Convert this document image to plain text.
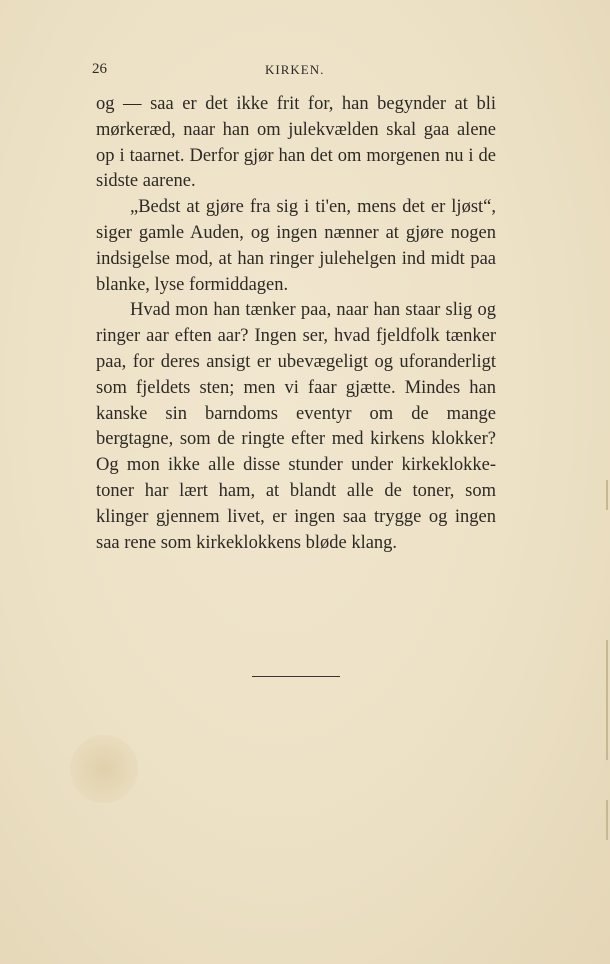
26	KIRKEN.

og — saa er det ikke frit for, han begynder at bli mørkeræd, naar han om julekvælden skal gaa alene op i taarnet. Derfor gjør han det om morgenen nu i de sidste aarene.

„Bedst at gjøre fra sig i ti'en, mens det er ljøst“, siger gamle Auden, og ingen nænner at gjøre nogen indsigelse mod, at han ringer julehelgen ind midt paa blanke, lyse formiddagen.

Hvad mon han tænker paa, naar han staar slig og ringer aar eften aar? Ingen ser, hvad fjeldfolk tænker paa, for deres ansigt er ubevægeligt og uforanderligt som fjeldets sten; men vi faar gjætte. Mindes han kanske sin barndoms eventyr om de mange bergtagne, som de ringte efter med kirkens klokker? Og mon ikke alle disse stunder under kirkeklokke-toner har lært ham, at blandt alle de toner, som klinger gjennem livet, er ingen saa trygge og ingen saa rene som kirkeklokkens bløde klang.
